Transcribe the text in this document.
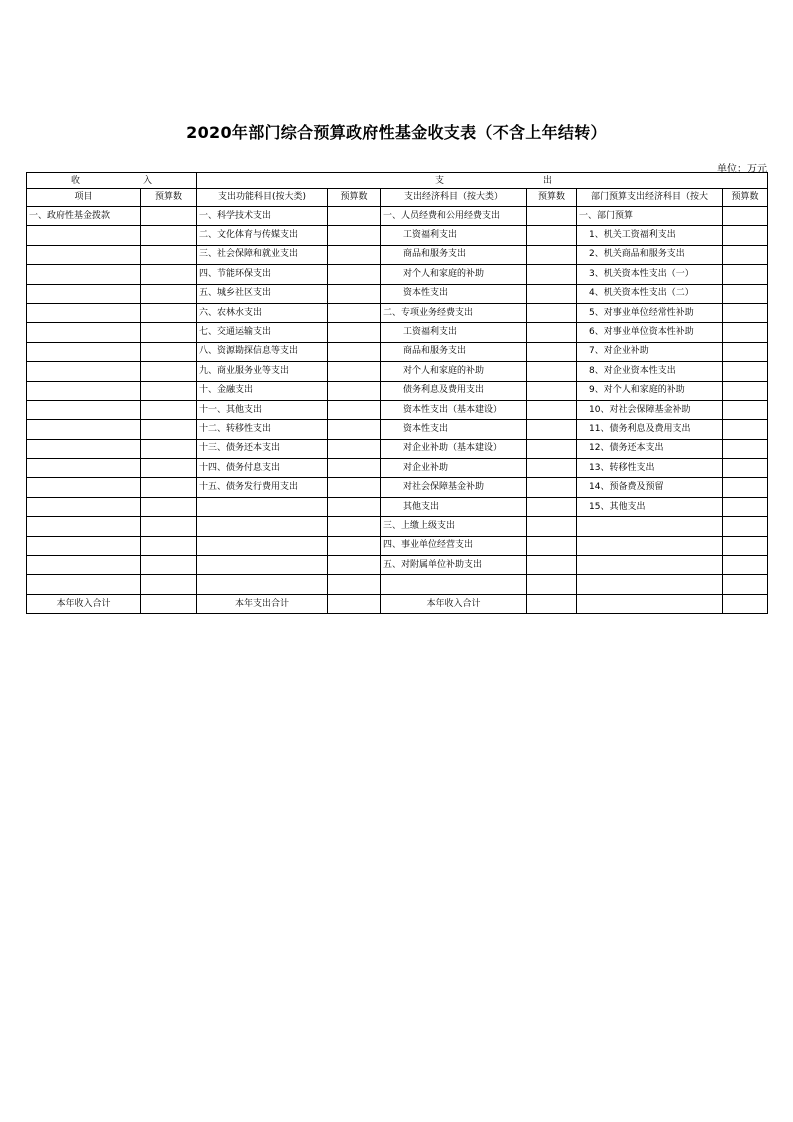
2020年部门综合预算政府性基金收支表（不含上年结转）
单位：万元
收 入		支 出					

项目	预算数	支出功能科目(按大类)	预算数	支出经济科目（按大类）	预算数	部门预算支出经济科目（按大	预算数
一、政府性基金拨款		一、科学技术支出		一、人员经费和公用经费支出		一、部门预算	
		二、文化体育与传媒支出		工资福利支出		1、机关工资福利支出	
		三、社会保障和就业支出		商品和服务支出		2、机关商品和服务支出	
		四、节能环保支出		对个人和家庭的补助		3、机关资本性支出（一）	
		五、城乡社区支出		资本性支出		4、机关资本性支出（二）	
		六、农林水支出		二、专项业务经费支出		5、对事业单位经常性补助	
		七、交通运输支出		工资福利支出		6、对事业单位资本性补助	
		八、资源勘探信息等支出		商品和服务支出		7、对企业补助	
		九、商业服务业等支出		对个人和家庭的补助		8、对企业资本性支出	
		十、金融支出		债务利息及费用支出		9、对个人和家庭的补助	
		十一、其他支出		资本性支出（基本建设）		10、对社会保障基金补助	
		十二、转移性支出		资本性支出		11、债务利息及费用支出	
		十三、债务还本支出		对企业补助（基本建设）		12、债务还本支出	
		十四、债务付息支出		对企业补助		13、转移性支出	
		十五、债务发行费用支出		对社会保障基金补助		14、预备费及预留	
				其他支出		15、其他支出	
				三、上缴上级支出			
				四、事业单位经营支出			
				五、对附属单位补助支出			

本年收入合计		本年支出合计		本年收入合计			
